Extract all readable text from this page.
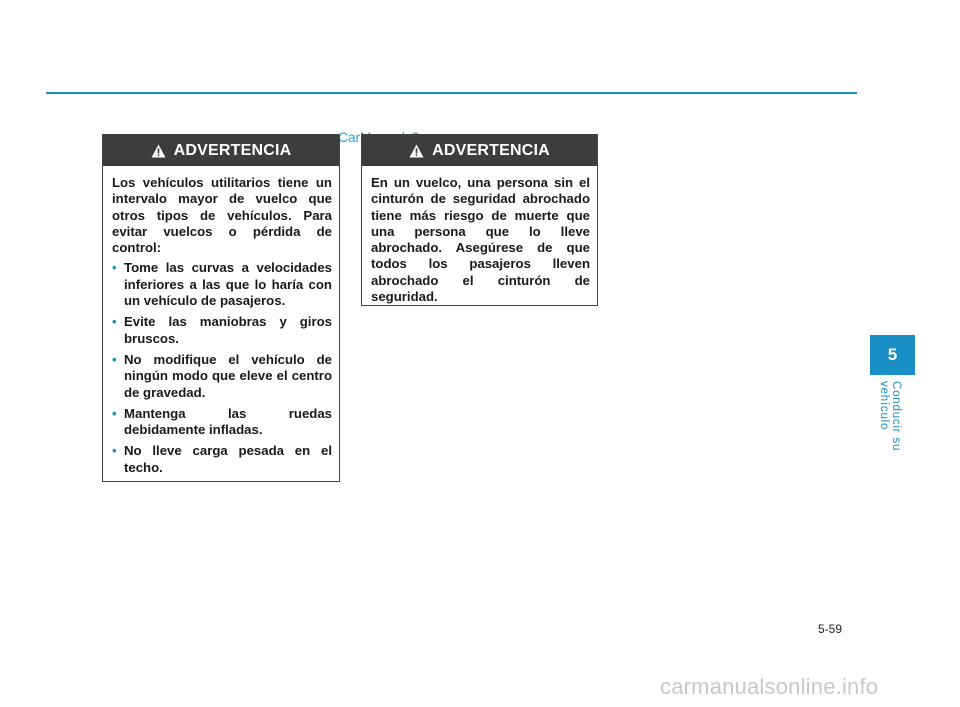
ADVERTENCIA

Los vehículos utilitarios tiene un intervalo mayor de vuelco que otros tipos de vehículos. Para evitar vuelcos o pérdida de control:

• Tome las curvas a velocidades inferiores a las que lo haría con un vehículo de pasajeros.
• Evite las maniobras y giros bruscos.
• No modifique el vehículo de ningún modo que eleve el centro de gravedad.
• Mantenga las ruedas debidamente infladas.
• No lleve carga pesada en el techo.
ADVERTENCIA

En un vuelco, una persona sin el cinturón de seguridad abrochado tiene más riesgo de muerte que una persona que lo lleve abrochado. Asegúrese de que todos los pasajeros lleven abrochado el cinturón de seguridad.

5
Conducir su vehículo
5-59
carmanualsonline.info
